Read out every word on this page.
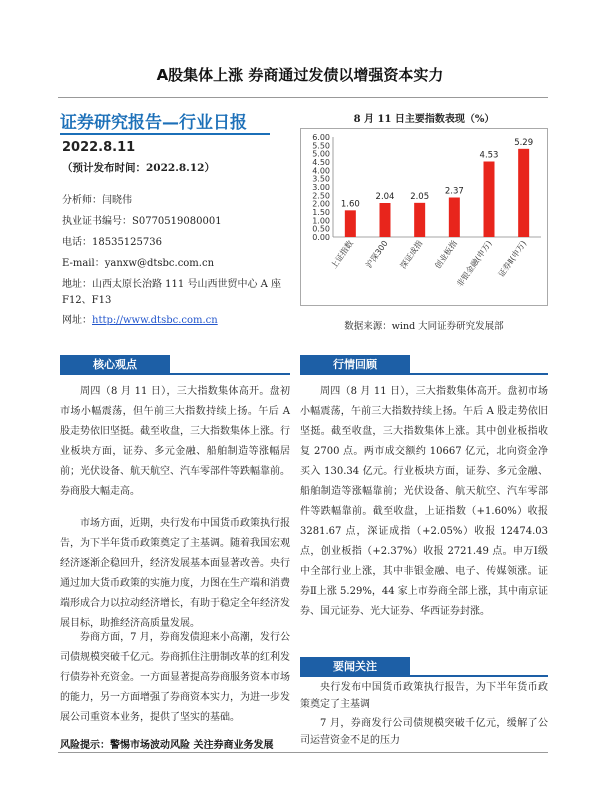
A股集体上涨 券商通过发债以增强资本实力
证券研究报告—行业日报
2022.8.11
（预计发布时间：2022.8.12）
分析师：闫晓伟
执业证书编号：S0770519080001
电话：18535125736
E-mail：yanxw@dtsbc.com.cn
地址：山西太原长治路 111 号山西世贸中心 A 座
F12、F13
网址：http://www.dtsbc.com.cn
8 月 11 日主要指数表现（%）
0.00
0.50
1.00
1.50
2.00
2.50
3.00
3.50
4.00
4.50
5.00
5.50
6.00
1.60
上证指数
2.04
沪深300
2.05
深证成指
2.37
创业板指
4.53
非银金融(申万)
5.29
证券Ⅱ(申万)
数据来源：wind 大同证券研究发展部
核心观点	行情回顾
周四（8 月 11 日），三大指数集体高开。盘初市场小幅震荡，但午前三大指数持续上扬。午后 A 股走势依旧坚挺。截至收盘，三大指数集体上涨。行业板块方面，证券、多元金融、船舶制造等涨幅居前；光伏设备、航天航空、汽车零部件等跌幅靠前。券商股大幅走高。
市场方面，近期，央行发布中国货币政策执行报告，为下半年货币政策奠定了主基调。随着我国宏观经济逐渐企稳回升，经济发展基本面显著改善。央行通过加大货币政策的实施力度，力图在生产端和消费端形成合力以拉动经济增长，有助于稳定全年经济发展目标，助推经济高质量发展。
券商方面，7 月，券商发债迎来小高潮，发行公司债规模突破千亿元。券商抓住注册制改革的红利发行债券补充资金。一方面显著提高券商服务资本市场的能力，另一方面增强了券商资本实力，为进一步发展公司重资本业务，提供了坚实的基础。
周四（8 月 11 日），三大指数集体高开。盘初市场小幅震荡，午前三大指数持续上扬。午后 A 股走势依旧坚挺。截至收盘，三大指数集体上涨。其中创业板指收复 2700 点。两市成交额约 10667 亿元，北向资金净买入 130.34 亿元。行业板块方面，证券、多元金融、船舶制造等涨幅靠前；光伏设备、航天航空、汽车零部件等跌幅靠前。截至收盘，上证指数（+1.60%）收报 3281.67 点，深证成指（+2.05%）收报 12474.03 点，创业板指（+2.37%）收报 2721.49 点。申万Ⅰ级中全部行业上涨，其中非银金融、电子、传媒领涨。证券Ⅱ上涨 5.29%，44 家上市券商全部上涨，其中南京证券、国元证券、光大证券、华西证券封涨。
要闻关注
央行发布中国货币政策执行报告，为下半年货币政策奠定了主基调
7 月，券商发行公司债规模突破千亿元，缓解了公司运营资金不足的压力
风险提示：警惕市场波动风险 关注券商业务发展
